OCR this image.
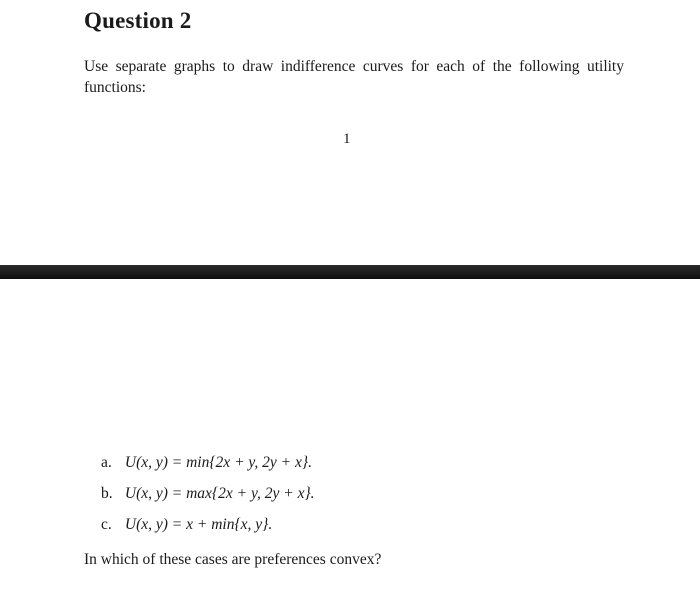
Question 2
Use separate graphs to draw indifference curves for each of the following utility functions:
1
a. U(x, y) = min{2x + y, 2y + x}.
b. U(x, y) = max{2x + y, 2y + x}.
c. U(x, y) = x + min{x, y}.
In which of these cases are preferences convex?
